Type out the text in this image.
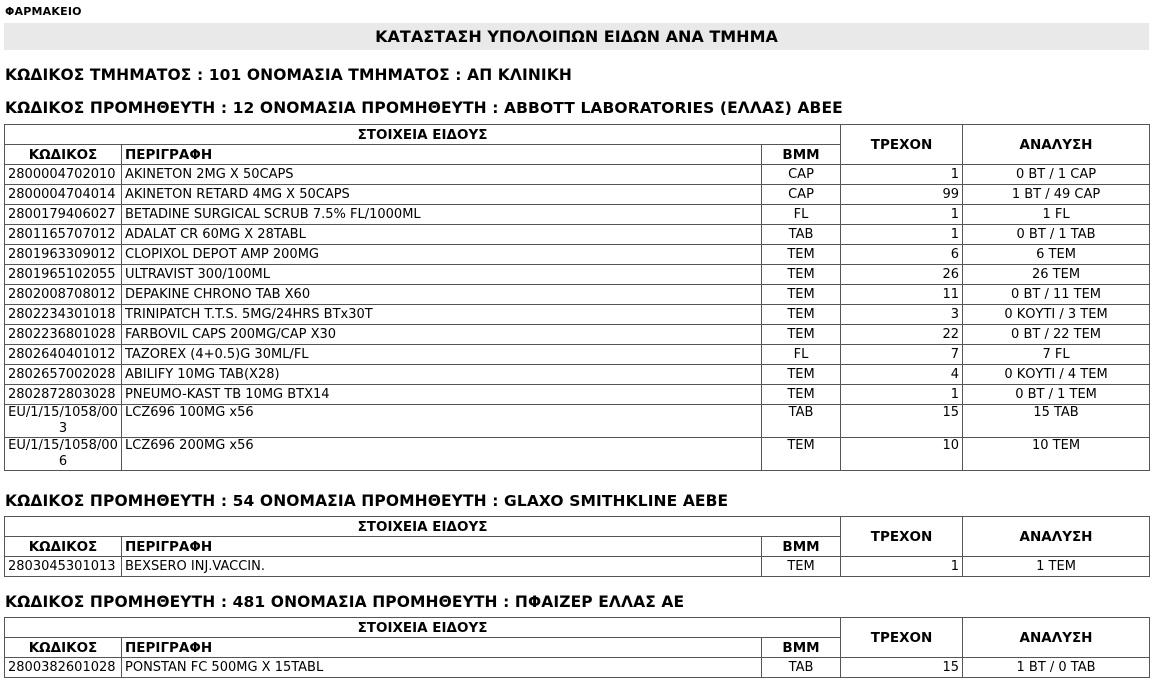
ΦΑΡΜΑΚΕΙΟ
ΚΑΤΑΣΤΑΣΗ ΥΠΟΛΟΙΠΩΝ ΕΙΔΩΝ ΑΝΑ ΤΜΗΜΑ
ΚΩΔΙΚΟΣ ΤΜΗΜΑΤΟΣ : 101 ΟΝΟΜΑΣΙΑ ΤΜΗΜΑΤΟΣ : ΑΠ ΚΛΙΝΙΚΗ
ΚΩΔΙΚΟΣ ΠΡΟΜΗΘΕΥΤΗ : 12 ΟΝΟΜΑΣΙΑ ΠΡΟΜΗΘΕΥΤΗ : ABBOTT LABORATORIES (ΕΛΛΑΣ) ΑΒΕΕ
ΣΤΟΙΧΕΙΑ ΕΙΔΟΥΣ			ΤΡΕΧΟΝ	ΑΝΑΛΥΣΗ
ΚΩΔΙΚΟΣ	ΠΕΡΙΓΡΑΦΗ	ΒΜΜ		
2800004702010	AKINETON 2MG X 50CAPS	CAP	1	0 BT / 1 CAP
2800004704014	AKINETON RETARD 4MG X 50CAPS	CAP	99	1 BT / 49 CAP
2800179406027	BETADINE SURGICAL SCRUB 7.5% FL/1000ML	FL	1	1 FL
2801165707012	ADALAT CR 60MG X 28TABL	TAB	1	0 BT / 1 TAB
2801963309012	CLOPIXOL DEPOT AMP 200MG	TEM	6	6 TEM
2801965102055	ULTRAVIST 300/100ML	TEM	26	26 TEM
2802008708012	DEPAKINE CHRONO TAB X60	TEM	11	0 BT / 11 TEM
2802234301018	TRINIPATCH T.T.S. 5MG/24HRS BTx30T	TEM	3	0 ΚΟΥΤΙ / 3 TEM
2802236801028	FARBOVIL CAPS 200MG/CAP X30	TEM	22	0 BT / 22 TEM
2802640401012	TAZOREX (4+0.5)G 30ML/FL	FL	7	7 FL
2802657002028	ABILIFY 10MG TAB(X28)	TEM	4	0 ΚΟΥΤΙ / 4 TEM
2802872803028	PNEUMO-KAST TB 10MG BTX14	TEM	1	0 BT / 1 TEM

EU/1/15/1058/00
3	LCZ696 100MG x56	TAB	15	15 TAB

EU/1/15/1058/00
6	LCZ696 200MG x56	TEM	10	10 TEM
ΚΩΔΙΚΟΣ ΠΡΟΜΗΘΕΥΤΗ : 54 ΟΝΟΜΑΣΙΑ ΠΡΟΜΗΘΕΥΤΗ : GLAXO SMITHKLINE ΑΕΒΕ
ΣΤΟΙΧΕΙΑ ΕΙΔΟΥΣ			ΤΡΕΧΟΝ	ΑΝΑΛΥΣΗ
ΚΩΔΙΚΟΣ	ΠΕΡΙΓΡΑΦΗ	ΒΜΜ		
2803045301013	BEXSERO INJ.VACCIN.	TEM	1	1 TEM
ΚΩΔΙΚΟΣ ΠΡΟΜΗΘΕΥΤΗ : 481 ΟΝΟΜΑΣΙΑ ΠΡΟΜΗΘΕΥΤΗ : ΠΦΑΙΖΕΡ ΕΛΛΑΣ ΑΕ
ΣΤΟΙΧΕΙΑ ΕΙΔΟΥΣ			ΤΡΕΧΟΝ	ΑΝΑΛΥΣΗ
ΚΩΔΙΚΟΣ	ΠΕΡΙΓΡΑΦΗ	ΒΜΜ		
2800382601028	PONSTAN FC 500MG X 15TABL	TAB	15	1 BT / 0 TAB
